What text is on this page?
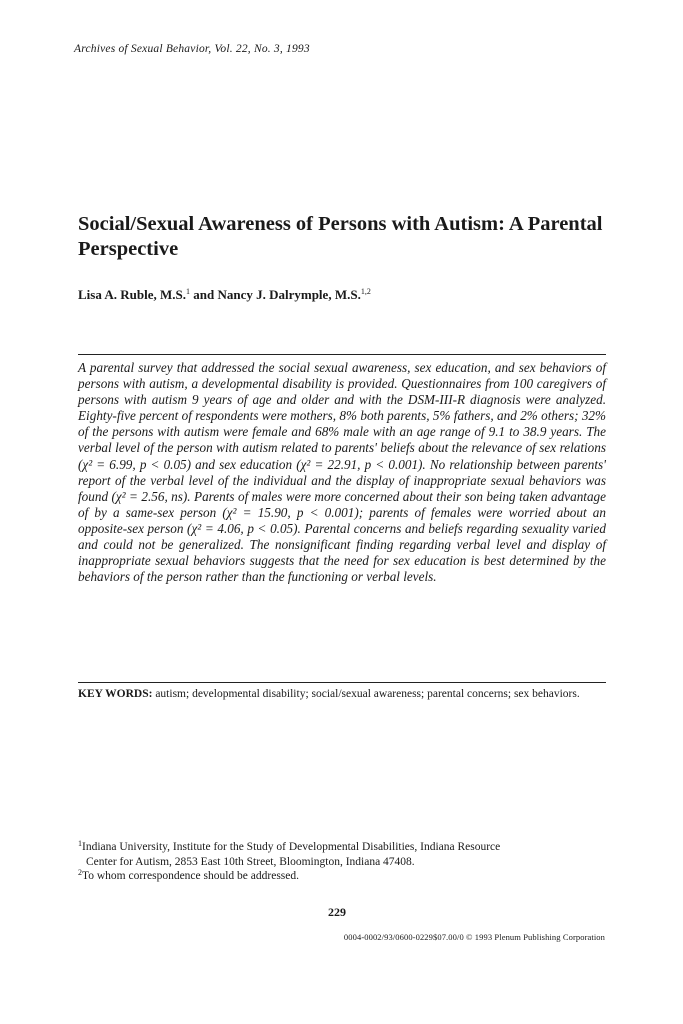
Archives of Sexual Behavior, Vol. 22, No. 3, 1993
Social/Sexual Awareness of Persons with Autism: A Parental Perspective
Lisa A. Ruble, M.S.$^1$ and Nancy J. Dalrymple, M.S.$^{1,2}$

A parental survey that addressed the social sexual awareness, sex education, and sex behaviors of persons with autism, a developmental disability is provided. Questionnaires from 100 caregivers of persons with autism 9 years of age and older and with the DSM-III-R diagnosis were analyzed. Eighty-five percent of respondents were mothers, 8% both parents, 5% fathers, and 2% others; 32% of the persons with autism were female and 68% male with an age range of 9.1 to 38.9 years. The verbal level of the person with autism related to parents' beliefs about the relevance of sex relations (χ² = 6.99, p < 0.05) and sex education (χ² = 22.91, p < 0.001). No relationship between parents' report of the verbal level of the individual and the display of inappropriate sexual behaviors was found (χ² = 2.56, ns). Parents of males were more concerned about their son being taken advantage of by a same-sex person (χ² = 15.90, p < 0.001); parents of females were worried about an opposite-sex person (χ² = 4.06, p < 0.05). Parental concerns and beliefs regarding sexuality varied and could not be generalized. The nonsignificant finding regarding verbal level and display of inappropriate sexual behaviors suggests that the need for sex education is best determined by the behaviors of the person rather than the functioning or verbal levels.

KEY WORDS: autism; developmental disability; social/sexual awareness; parental concerns; sex behaviors.

$^1$Indiana University, Institute for the Study of Developmental Disabilities, Indiana Resource
Center for Autism, 2853 East 10th Street, Bloomington, Indiana 47408.

$^2$To whom correspondence should be addressed.

229
0004-0002/93/0600-0229$07.00/0 © 1993 Plenum Publishing Corporation
